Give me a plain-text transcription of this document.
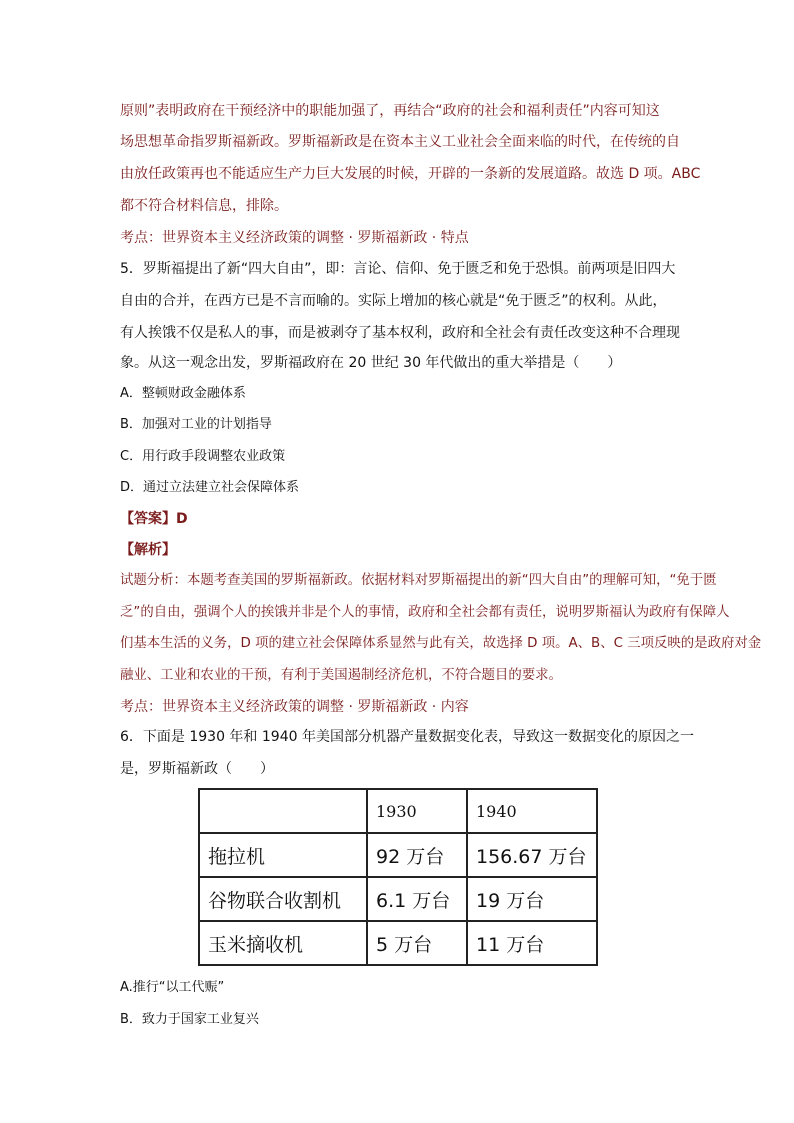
原则”表明政府在干预经济中的职能加强了，再结合“政府的社会和福利责任”内容可知这
场思想革命指罗斯福新政。罗斯福新政是在资本主义工业社会全面来临的时代，在传统的自
由放任政策再也不能适应生产力巨大发展的时候，开辟的一条新的发展道路。故选 D 项。ABC
都不符合材料信息，排除。
考点：世界资本主义经济政策的调整 · 罗斯福新政 · 特点
5．罗斯福提出了新“四大自由”，即：言论、信仰、免于匮乏和免于恐惧。前两项是旧四大
自由的合并，在西方已是不言而喻的。实际上增加的核心就是“免于匮乏”的权利。从此，
有人挨饿不仅是私人的事，而是被剥夺了基本权利，政府和全社会有责任改变这种不合理现
象。从这一观念出发，罗斯福政府在 20 世纪 30 年代做出的重大举措是（　　）
A．整顿财政金融体系
B．加强对工业的计划指导
C．用行政手段调整农业政策
D．通过立法建立社会保障体系
【答案】D
【解析】
试题分析：本题考查美国的罗斯福新政。依据材料对罗斯福提出的新“四大自由”的理解可知，“免于匮
乏”的自由，强调个人的挨饿并非是个人的事情，政府和全社会都有责任，说明罗斯福认为政府有保障人
们基本生活的义务，D 项的建立社会保障体系显然与此有关，故选择 D 项。A、B、C 三项反映的是政府对金
融业、工业和农业的干预，有利于美国遏制经济危机，不符合题目的要求。
考点：世界资本主义经济政策的调整 · 罗斯福新政 · 内容
6．下面是 1930 年和 1940 年美国部分机器产量数据变化表，导致这一数据变化的原因之一
是，罗斯福新政（　　）
	1930	1940
拖拉机	92 万台	156.67 万台
谷物联合收割机	6.1 万台	19 万台
玉米摘收机	5 万台	11 万台
A.推行“以工代赈”
B．致力于国家工业复兴
